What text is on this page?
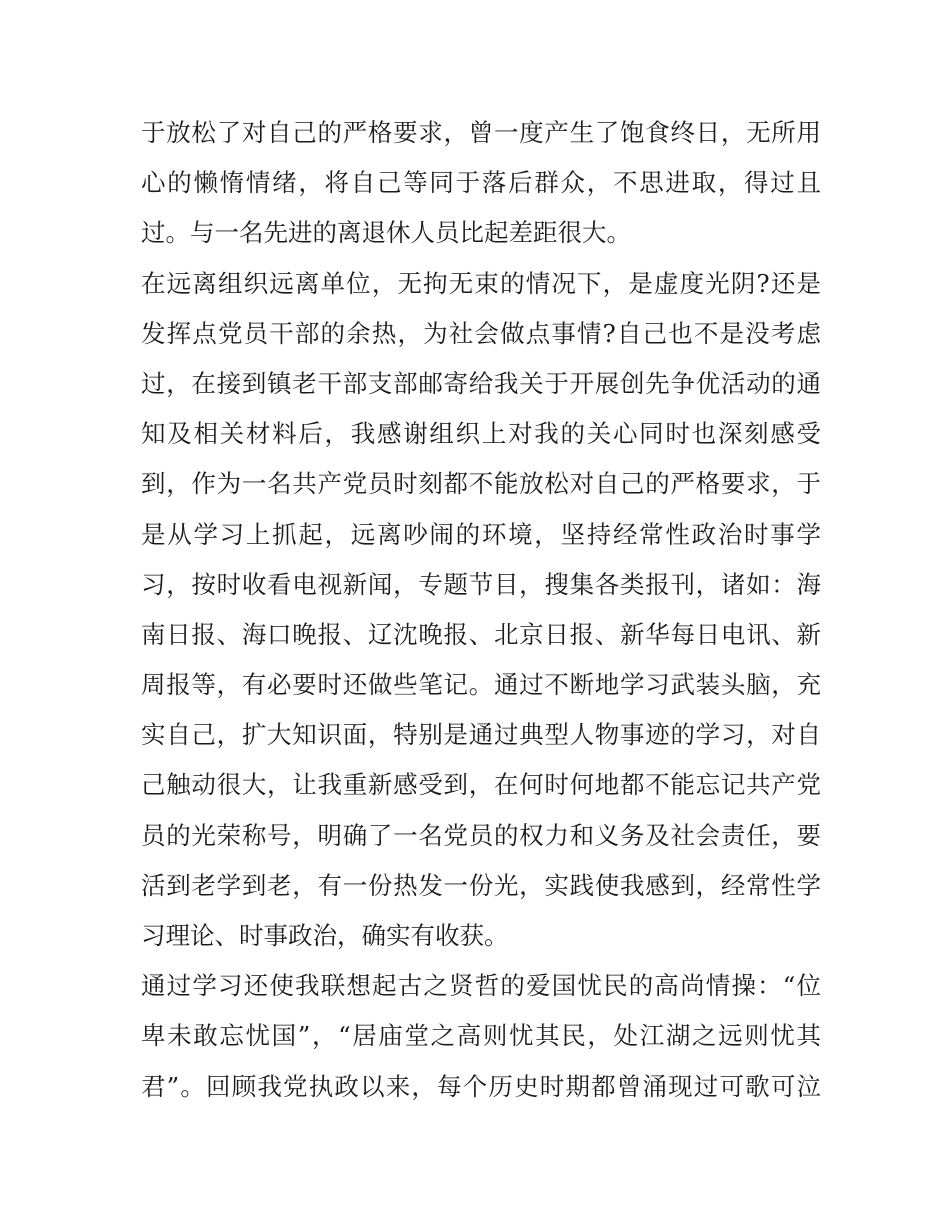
于放松了对自己的严格要求，曾一度产生了饱食终日，无所用
心的懒惰情绪，将自己等同于落后群众，不思进取，得过且
过。与一名先进的离退休人员比起差距很大。
在远离组织远离单位，无拘无束的情况下，是虚度光阴?还是
发挥点党员干部的余热，为社会做点事情?自己也不是没考虑
过，在接到镇老干部支部邮寄给我关于开展创先争优活动的通
知及相关材料后，我感谢组织上对我的关心同时也深刻感受
到，作为一名共产党员时刻都不能放松对自己的严格要求，于
是从学习上抓起，远离吵闹的环境，坚持经常性政治时事学
习，按时收看电视新闻，专题节目，搜集各类报刊，诸如：海
南日报、海口晚报、辽沈晚报、北京日报、新华每日电讯、新
周报等，有必要时还做些笔记。通过不断地学习武装头脑，充
实自己，扩大知识面，特别是通过典型人物事迹的学习，对自
己触动很大，让我重新感受到，在何时何地都不能忘记共产党
员的光荣称号，明确了一名党员的权力和义务及社会责任，要
活到老学到老，有一份热发一份光，实践使我感到，经常性学
习理论、时事政治，确实有收获。
通过学习还使我联想起古之贤哲的爱国忧民的高尚情操：“位
卑未敢忘忧国”，“居庙堂之高则忧其民，处江湖之远则忧其
君”。回顾我党执政以来，每个历史时期都曾涌现过可歌可泣
